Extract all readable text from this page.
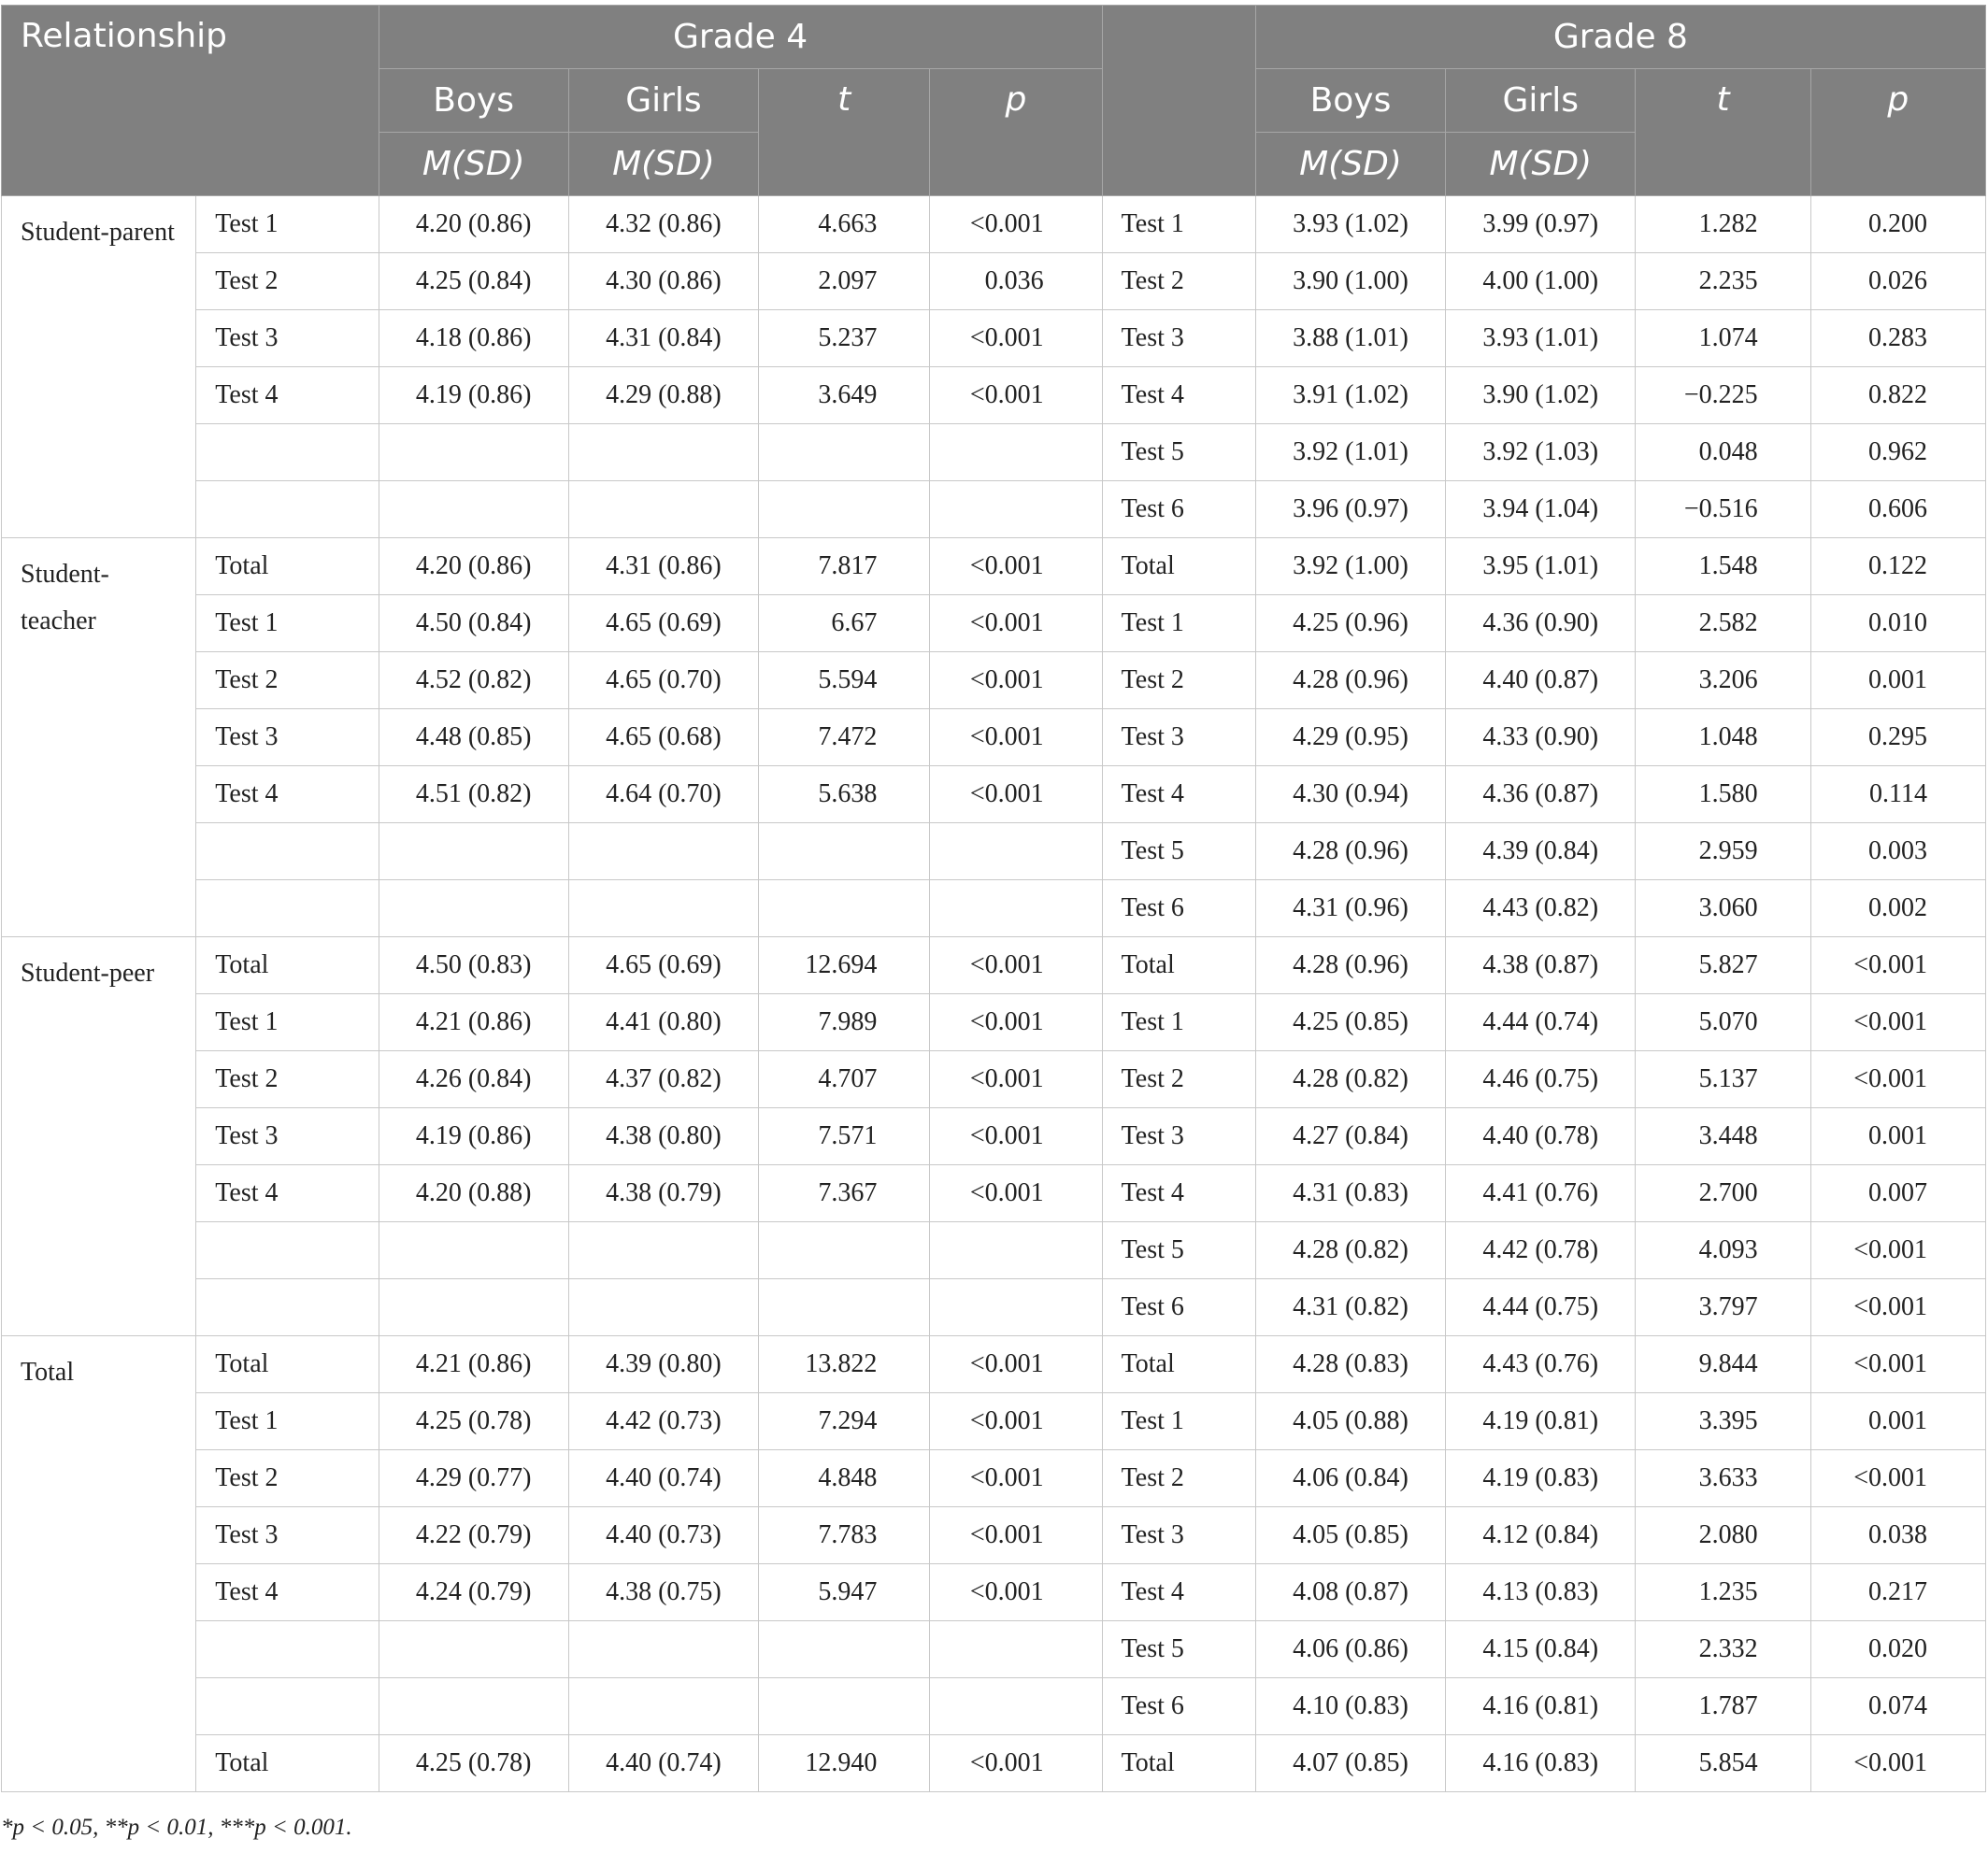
Relationship		Grade 4					Grade 8			
		Boys	Girls	t	p		Boys	Girls	t	p
		M(SD)	M(SD)				M(SD)	M(SD)		
Student-parent	Test 1	4.20 (0.86)	4.32 (0.86)	4.663	<0.001	Test 1	3.93 (1.02)	3.99 (0.97)	1.282	0.200
	Test 2	4.25 (0.84)	4.30 (0.86)	2.097	0.036	Test 2	3.90 (1.00)	4.00 (1.00)	2.235	0.026
	Test 3	4.18 (0.86)	4.31 (0.84)	5.237	<0.001	Test 3	3.88 (1.01)	3.93 (1.01)	1.074	0.283
	Test 4	4.19 (0.86)	4.29 (0.88)	3.649	<0.001	Test 4	3.91 (1.02)	3.90 (1.02)	−0.225	0.822
						Test 5	3.92 (1.01)	3.92 (1.03)	0.048	0.962
						Test 6	3.96 (0.97)	3.94 (1.04)	−0.516	0.606
Student-teacher	Total	4.20 (0.86)	4.31 (0.86)	7.817	<0.001	Total	3.92 (1.00)	3.95 (1.01)	1.548	0.122
	Test 1	4.50 (0.84)	4.65 (0.69)	6.67	<0.001	Test 1	4.25 (0.96)	4.36 (0.90)	2.582	0.010
	Test 2	4.52 (0.82)	4.65 (0.70)	5.594	<0.001	Test 2	4.28 (0.96)	4.40 (0.87)	3.206	0.001
	Test 3	4.48 (0.85)	4.65 (0.68)	7.472	<0.001	Test 3	4.29 (0.95)	4.33 (0.90)	1.048	0.295
	Test 4	4.51 (0.82)	4.64 (0.70)	5.638	<0.001	Test 4	4.30 (0.94)	4.36 (0.87)	1.580	0.114
						Test 5	4.28 (0.96)	4.39 (0.84)	2.959	0.003
						Test 6	4.31 (0.96)	4.43 (0.82)	3.060	0.002
Student-peer	Total	4.50 (0.83)	4.65 (0.69)	12.694	<0.001	Total	4.28 (0.96)	4.38 (0.87)	5.827	<0.001
	Test 1	4.21 (0.86)	4.41 (0.80)	7.989	<0.001	Test 1	4.25 (0.85)	4.44 (0.74)	5.070	<0.001
	Test 2	4.26 (0.84)	4.37 (0.82)	4.707	<0.001	Test 2	4.28 (0.82)	4.46 (0.75)	5.137	<0.001
	Test 3	4.19 (0.86)	4.38 (0.80)	7.571	<0.001	Test 3	4.27 (0.84)	4.40 (0.78)	3.448	0.001
	Test 4	4.20 (0.88)	4.38 (0.79)	7.367	<0.001	Test 4	4.31 (0.83)	4.41 (0.76)	2.700	0.007
						Test 5	4.28 (0.82)	4.42 (0.78)	4.093	<0.001
						Test 6	4.31 (0.82)	4.44 (0.75)	3.797	<0.001
Total	Total	4.21 (0.86)	4.39 (0.80)	13.822	<0.001	Total	4.28 (0.83)	4.43 (0.76)	9.844	<0.001
	Test 1	4.25 (0.78)	4.42 (0.73)	7.294	<0.001	Test 1	4.05 (0.88)	4.19 (0.81)	3.395	0.001
	Test 2	4.29 (0.77)	4.40 (0.74)	4.848	<0.001	Test 2	4.06 (0.84)	4.19 (0.83)	3.633	<0.001
	Test 3	4.22 (0.79)	4.40 (0.73)	7.783	<0.001	Test 3	4.05 (0.85)	4.12 (0.84)	2.080	0.038
	Test 4	4.24 (0.79)	4.38 (0.75)	5.947	<0.001	Test 4	4.08 (0.87)	4.13 (0.83)	1.235	0.217
						Test 5	4.06 (0.86)	4.15 (0.84)	2.332	0.020
						Test 6	4.10 (0.83)	4.16 (0.81)	1.787	0.074
	Total	4.25 (0.78)	4.40 (0.74)	12.940	<0.001	Total	4.07 (0.85)	4.16 (0.83)	5.854	<0.001
*p < 0.05, **p < 0.01, ***p < 0.001.
